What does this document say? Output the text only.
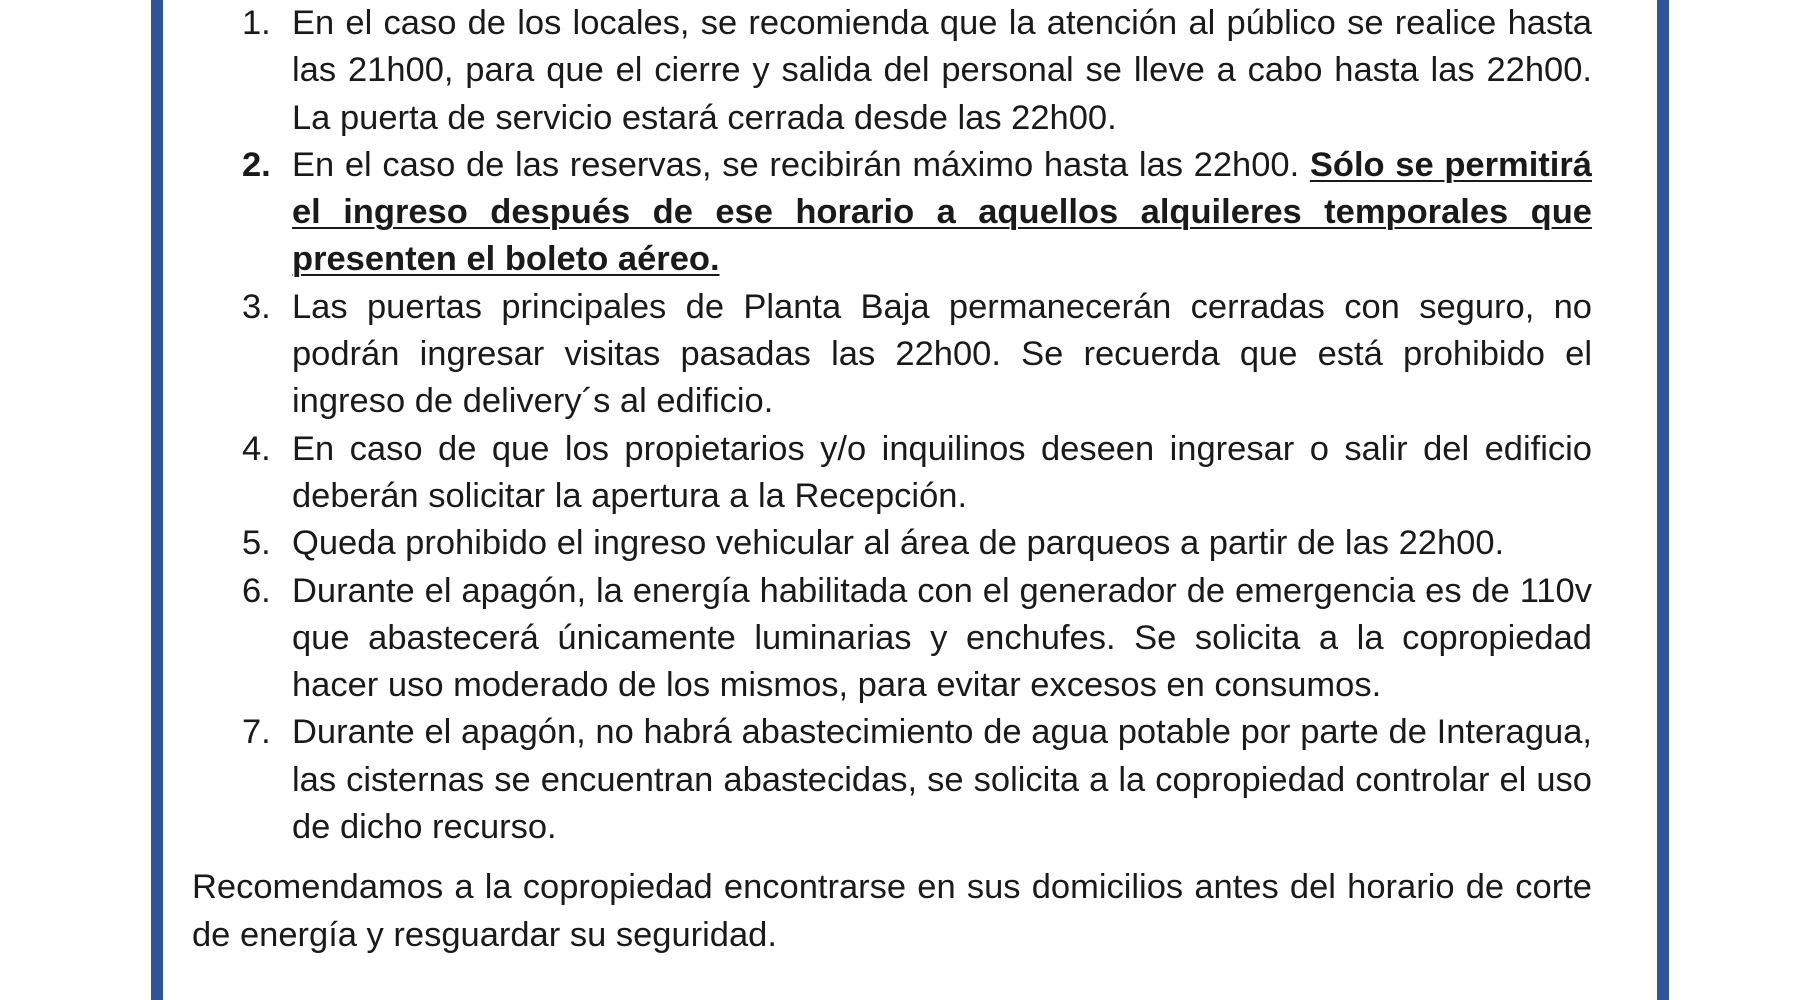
1. En el caso de los locales, se recomienda que la atención al público se realice hasta las 21h00, para que el cierre y salida del personal se lleve a cabo hasta las 22h00. La puerta de servicio estará cerrada desde las 22h00.
2. En el caso de las reservas, se recibirán máximo hasta las 22h00. Sólo se permitirá el ingreso después de ese horario a aquellos alquileres temporales que presenten el boleto aéreo.
3. Las puertas principales de Planta Baja permanecerán cerradas con seguro, no podrán ingresar visitas pasadas las 22h00. Se recuerda que está prohibido el ingreso de delivery´s al edificio.
4. En caso de que los propietarios y/o inquilinos deseen ingresar o salir del edificio deberán solicitar la apertura a la Recepción.
5. Queda prohibido el ingreso vehicular al área de parqueos a partir de las 22h00.
6. Durante el apagón, la energía habilitada con el generador de emergencia es de 110v que abastecerá únicamente luminarias y enchufes. Se solicita a la copropiedad hacer uso moderado de los mismos, para evitar excesos en consumos.
7. Durante el apagón, no habrá abastecimiento de agua potable por parte de Interagua, las cisternas se encuentran abastecidas, se solicita a la copropiedad controlar el uso de dicho recurso.

Recomendamos a la copropiedad encontrarse en sus domicilios antes del horario de corte de energía y resguardar su seguridad.
